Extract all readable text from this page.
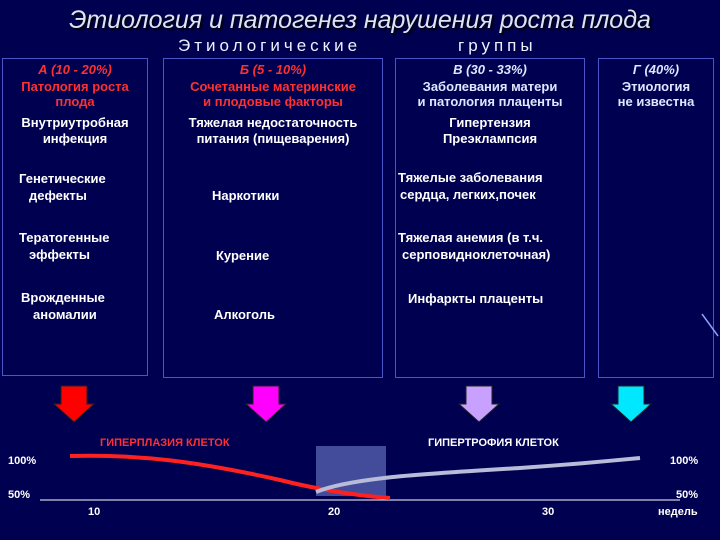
Этиология и патогенез нарушения роста плода
Этиологические	группы
А (10 - 20%)
Патология роста
плода
Внутриутробная
инфекция
Генетические
дефекты
Тератогенные
эффекты
Врожденные
аномалии
Б (5 - 10%)
Сочетанные материнские
и плодовые факторы
Тяжелая недостаточность
питания (пищеварения)
Наркотики
Курение
Алкоголь
В (30 - 33%)
Заболевания матери
и патология плаценты
Гипертензия
Преэклампсия
Тяжелые заболевания
сердца, легких,почек
Тяжелая анемия (в т.ч.
серповидноклеточная)
Инфаркты плаценты
Г (40%)
Этиология
не известна
ГИПЕРПЛАЗИЯ КЛЕТОК	ГИПЕРТРОФИЯ КЛЕТОК
100%
50%
100%
50%
10	20	30	недель
